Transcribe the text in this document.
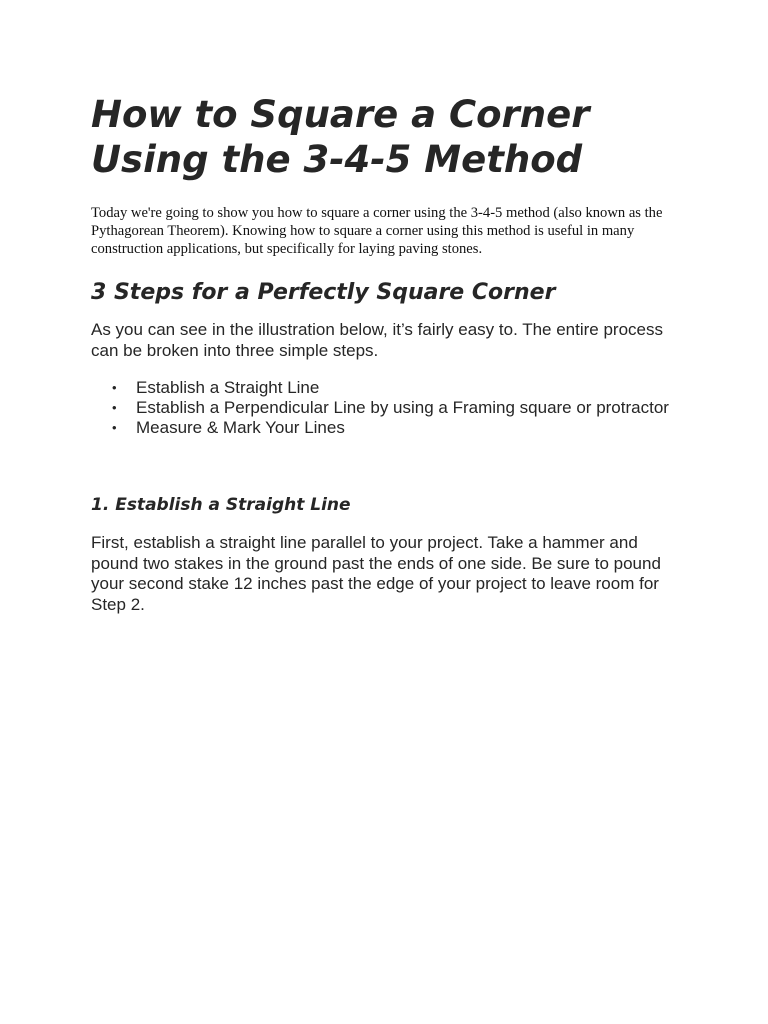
How to Square a Corner Using the 3-4-5 Method

Today we're going to show you how to square a corner using the 3-4-5 method (also known as the Pythagorean Theorem). Knowing how to square a corner using this method is useful in many construction applications, but specifically for laying paving stones.

3 Steps for a Perfectly Square Corner

As you can see in the illustration below, it’s fairly easy to. The entire process can be broken into three simple steps.

• Establish a Straight Line
• Establish a Perpendicular Line by using a Framing square or protractor
• Measure & Mark Your Lines
1. Establish a Straight Line

First, establish a straight line parallel to your project. Take a hammer and pound two stakes in the ground past the ends of one side. Be sure to pound your second stake 12 inches past the edge of your project to leave room for Step 2.
